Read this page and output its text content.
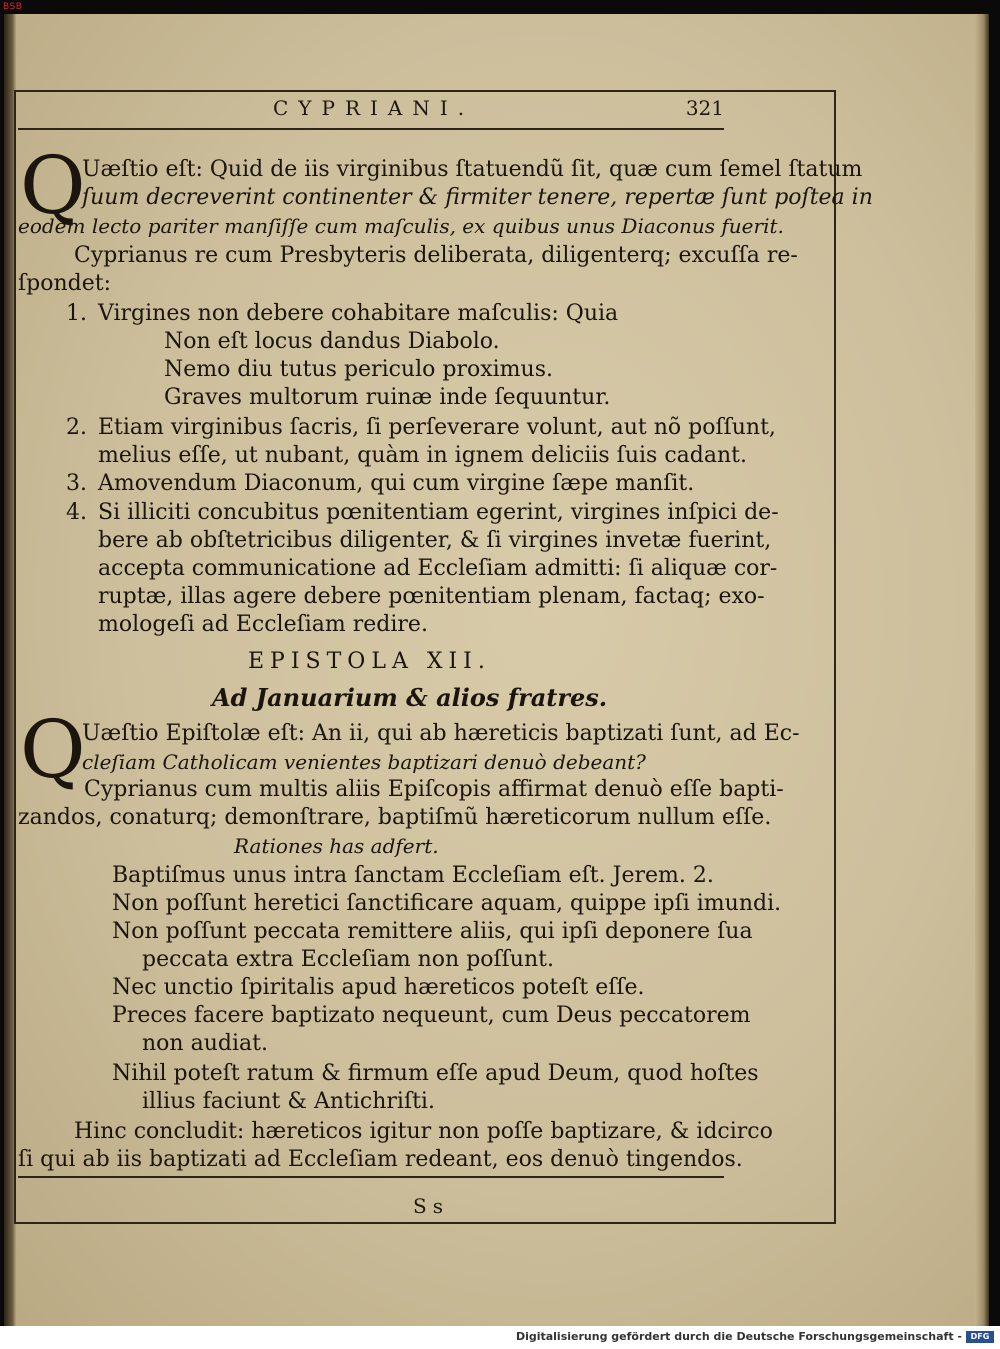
BSB
CYPRIANI.	321
Q
Uæſtio eſt: Quid de iis virginibus ſtatuendũ ſit, quæ cum ſemel ſtatum
ſuum decreverint continenter & firmiter tenere, repertæ ſunt poſtea in
eodem lecto pariter manſiſſe cum maſculis, ex quibus unus Diaconus fuerit.
Cyprianus re cum Presbyteris deliberata, diligenterq; excuſſa re-
ſpondet:
1. Virgines non debere cohabitare maſculis: Quia
Non eſt locus dandus Diabolo.
Nemo diu tutus periculo proximus.
Graves multorum ruinæ inde ſequuntur.
2. Etiam virginibus ſacris, ſi perſeverare volunt, aut nõ poſſunt,
melius eſſe, ut nubant, quàm in ignem deliciis ſuis cadant.
3. Amovendum Diaconum, qui cum virgine ſæpe manſit.
4. Si illiciti concubitus pœnitentiam egerint, virgines inſpici de-
bere ab obſtetricibus diligenter, & ſi virgines invetæ fuerint,
accepta communicatione ad Eccleſiam admitti: ſi aliquæ cor-
ruptæ, illas agere debere pœnitentiam plenam, factaq; exo-
mologeſi ad Eccleſiam redire.
EPISTOLA XII.
Ad Januarium & alios fratres.
Q
Uæſtio Epiſtolæ eſt: An ii, qui ab hæreticis baptizati ſunt, ad Ec-
cleſiam Catholicam venientes baptizari denuò debeant?
Cyprianus cum multis aliis Epiſcopis affirmat denuò eſſe bapti-
zandos, conaturq; demonſtrare, baptiſmũ hæreticorum nullum eſſe.
Rationes has adfert.
Baptiſmus unus intra ſanctam Eccleſiam eſt. Jerem. 2.
Non poſſunt heretici ſanctificare aquam, quippe ipſi imundi.
Non poſſunt peccata remittere aliis, qui ipſi deponere ſua
peccata extra Eccleſiam non poſſunt.
Nec unctio ſpiritalis apud hæreticos poteſt eſſe.
Preces facere baptizato nequeunt, cum Deus peccatorem
non audiat.
Nihil poteſt ratum & firmum eſſe apud Deum, quod hoſtes
illius faciunt & Antichriſti.
Hinc concludit: hæreticos igitur non poſſe baptizare, & idcirco
ſi qui ab iis baptizati ad Eccleſiam redeant, eos denuò tingendos.
Ss
Digitalisierung gefördert durch die Deutsche Forschungsgemeinschaft -	DFG
